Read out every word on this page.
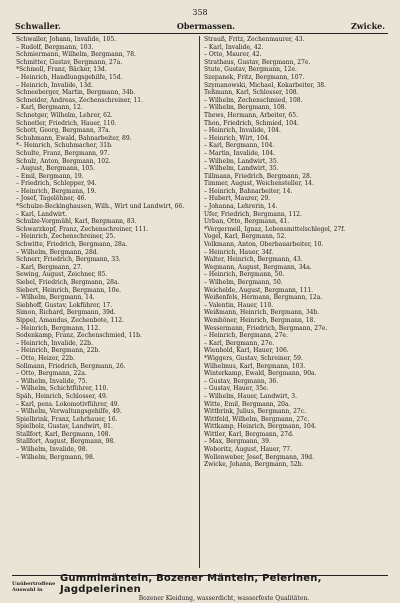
358
Schwaller.	Obermassen.	Zwicke.
Schwaller, Johann, Invalide, 105.
– Rudolf, Bergmann, 103.
Schmiermann, Wilhelm, Bergmann, 78.
Schmitter, Gustav, Bergmann, 27a.
*Schmoll, Franz, Bäcker, 13d.
– Heinrich, Handlungsgehilfe, 15d.
– Heinrich, Invalide, 13d.
Schneeberger, Martin, Bergmann, 34b.
Schneider, Andreas, Zechenschreiner, 11.
– Karl, Bergmann, 12.
Schnetger, Wilhelm, Lehrer, 62.
Schnetler, Friedrich, Hauer, 110.
Schott, Georg, Bergmann, 37a.
Schuhmann, Ewald, Bahnarbeiter, 89.
*– Heinrich, Schuhmacher, 31b.
Schulte, Franz, Bergmann, 97.
Schulz, Anton, Bergmann, 102.
– August, Bergmann, 105.
– Emil, Bergmann, 19.
– Friedrich, Schlepper, 94.
– Heinrich, Bergmann, 19.
– Josef, Tagelöhner, 46.
*Schulze-Beckinghausen, Wilh., Wirt und Landwirt, 66.
– Karl, Landwirt.
Schulze-Vorgmühl, Karl, Bergmann, 83.
Schwarzkopf, Franz, Zechenschreiner, 111.
– Heinrich, Zechenschreiner, 25.
Schwitte, Friedrich, Bergmann, 28a.
– Wilhelm, Bergmann, 28d.
Schnerr, Friedrich, Bergmann, 33.
– Karl, Bergmann, 27.
Sewing, August, Zeichner, 85.
Siebel, Friedrich, Bergmann, 28a.
Siebert, Heinrich, Bergmann, 10e.
– Wilhelm, Bergmann, 14.
Siebhoff, Gustav, Lokführer, 17.
Simon, Richard, Bergmann, 39d.
Sippel, Amandus, Zechenbote, 112.
– Heinrich, Bergmann, 112.
Sodenkamp, Franz, Zechenschmied, 11b.
– Heinrich, Invalide, 22b.
– Heinrich, Bergmann, 22b.
– Otto, Heizer, 22b.
Sollmann, Friedrich, Bergmann, 26.
– Otto, Bergmann, 22a.
– Wilhelm, Invalide, 75.
– Wilhelm, Schichtführer, 110.
Späh, Heinrich, Schlosser, 49.
– Karl, pens. Lokomotivführer, 49.
– Wilhelm, Verwaltungsgehilfe, 49.
Spielbrink, Franz, Lehrhauer, 16.
Spielholz, Gustav, Landwirt, 81.
Stallfort, Karl, Bergmann, 108.
Stallfort, August, Bergmann, 98.
– Wilhelm, Invalide, 98.
– Wilhelm, Bergmann, 98.
Strauß, Fritz, Zechenmaurer, 43.
– Karl, Invalide, 42.
– Otto, Maurer, 42.
Strathaus, Gustav, Bergmann, 27e.
Stute, Gustav, Bergmann, 12e.
Szepanek, Fritz, Bergmann, 107.
Szymanowski, Michael, Kokarbeiter, 38.
Teßmann, Karl, Schlosser, 108.
– Wilhelm, Zechenschmied, 108.
– Wilhelm, Bergmann, 108.
Thews, Hermann, Arbeiter, 65.
Thon, Friedrich, Schmied, 104.
– Heinrich, Invalide, 104.
– Heinrich, Wirt, 104.
– Karl, Bergmann, 104.
– Martin, Invalide, 104.
– Wilhelm, Landwirt, 35.
– Wilhelm, Landwirt, 35.
Tillmann, Friedrich, Bergmann, 28.
Timmer, August, Weichensteller, 14.
– Heinrich, Bahnarbeiter, 14.
– Hubert, Maurer, 29.
– Johanna, Lehrerin, 14.
Ufer, Friedrich, Bergmann, 112.
Urban, Otto, Bergmann, 41.
*Vergermeil, Ignaz, Lebensmittelschlegel, 27f.
Vogel, Karl, Bergmann, 52.
Volkmann, Anton, Oberbauarbeiter, 10.
– Heinrich, Hauer, 34f.
Walter, Heinrich, Bergmann, 43.
Wegmann, August, Bergmann, 34a.
– Heinrich, Bergmann, 50.
– Wilhelm, Bergmann, 50.
Weichelde, August, Bergmann, 111.
Weißenfels, Hermann, Bergmann, 12a.
– Valentin, Hauer, 110.
Weißmann, Heinrich, Bergmann, 34b.
Wemhöner, Heinrich, Bergmann, 18.
Wessermann, Friedrich, Bergmann, 27e.
– Heinrich, Bergmann, 27e.
– Karl, Bergmann, 27e.
Wienhold, Karl, Hauer, 106.
*Wiggers, Gustav, Schreiner, 59.
Wilhelmus, Karl, Bergmann, 103.
Winterkamp, Ewald, Bergmann, 90a.
– Gustav, Bergmann, 36.
– Gustav, Hauer, 35e.
– Wilhelm, Hauer, Landwirt, 3.
Witte, Emil, Bergmann, 20a.
Wittbrink, Julius, Bergmann, 27c.
Wittfeld, Wilhelm, Bergmann, 27c.
Wittkamp, Heinrich, Bergmann, 104.
Wittler, Karl, Bergmann, 27d.
– Max, Bergmann, 39.
Woboritz, August, Hauer, 77.
Wollenweber, Josef, Bergmann, 39d.
Zwicke, Johann, Bergmann, 52b.
Unübertroffene Auswahl in
Gummimänteln, Bozener Mänteln, Pelerinen, Jagdpelerinen
Bozener Kleidung, wasserdicht, wasserfeste Qualitäten.
